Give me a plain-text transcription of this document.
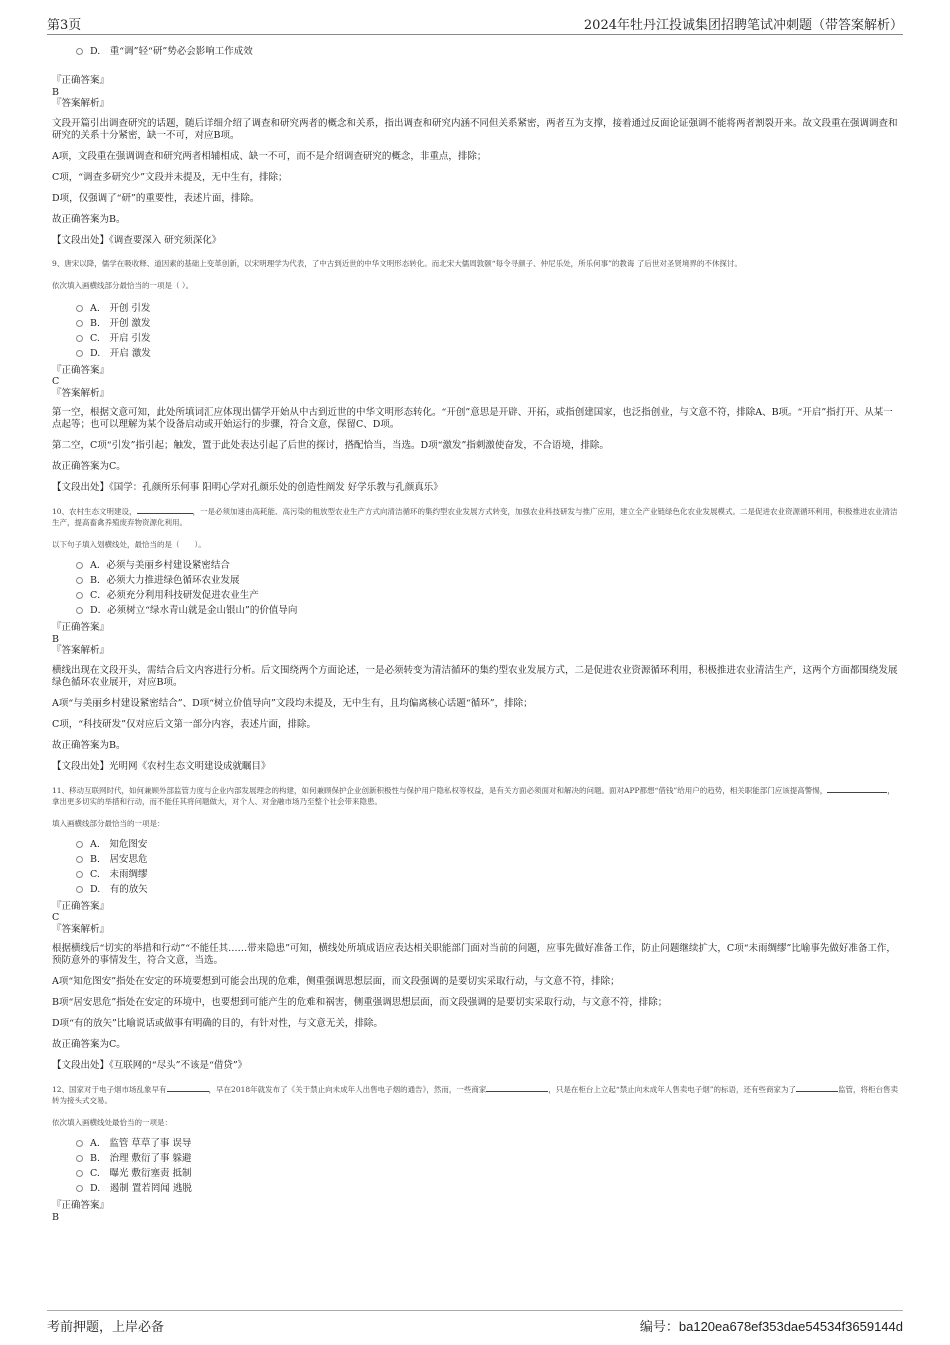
第3页	2024年牡丹江投诚集团招聘笔试冲刺题（带答案解析）
D.　重“调”轻“研”势必会影响工作成效
『正确答案』
B
『答案解析』
文段开篇引出调查研究的话题，随后详细介绍了调查和研究两者的概念和关系，指出调查和研究内涵不同但关系紧密，两者互为支撑，接着通过反面论证强调不能将两者割裂开来。故文段重在强调调查和研究的关系十分紧密，缺一不可，对应B项。
A项，文段重在强调调查和研究两者相辅相成、缺一不可，而不是介绍调查研究的概念，非重点，排除；
C项，“调查多研究少”文段并未提及，无中生有，排除；
D项，仅强调了“研”的重要性，表述片面，排除。
故正确答案为B。
【文段出处】《调查要深入 研究须深化》
9、唐宋以降，儒学在吸收释、道因素的基础上变革创新，以宋明理学为代表，了中古到近世的中华文明形态转化。而北宋大儒周敦颐“每令寻颜子、仲尼乐处，所乐何事”的教诲 了后世对圣贤境界的不休探讨。
依次填入画横线部分最恰当的一项是（ ）。
A.　开创 引发
B.　开创 激发
C.　开启 引发
D.　开启 激发
『正确答案』
C
『答案解析』
第一空，根据文意可知，此处所填词汇应体现出儒学开始从中古到近世的中华文明形态转化。“开创”意思是开辟、开拓，或指创建国家，也泛指创业，与文意不符，排除A、B项。“开启”指打开、从某一点起等；也可以理解为某个设备启动或开始运行的步骤，符合文意，保留C、D项。
第二空，C项“引发”指引起；触发，置于此处表达引起了后世的探讨，搭配恰当，当选。D项“激发”指刺激使奋发，不合语境，排除。
故正确答案为C。
【文段出处】《国学：孔颜所乐何事 阳明心学对孔颜乐处的创造性阐发 好学乐教与孔颜真乐》
10、农村生态文明建设，	，一是必须加速由高耗能、高污染的粗放型农业生产方式向清洁循环的集约型农业发展方式转变，加强农业科技研发与推广应用，建立全产业链绿色化农业发展模式。二是促进农业资源循环利用，积极推进农业清洁生产，提高畜禽养殖废弃物资源化利用。
以下句子填入划横线处，最恰当的是（　　）。
A．必须与美丽乡村建设紧密结合
B．必须大力推进绿色循环农业发展
C．必须充分利用科技研发促进农业生产
D．必须树立“绿水青山就是金山银山”的价值导向
『正确答案』
B
『答案解析』
横线出现在文段开头，需结合后文内容进行分析。后文围绕两个方面论述，一是必须转变为清洁循环的集约型农业发展方式，二是促进农业资源循环利用，积极推进农业清洁生产，这两个方面都围绕发展绿色循环农业展开，对应B项。
A项“与美丽乡村建设紧密结合”、D项“树立价值导向”文段均未提及，无中生有，且均偏离核心话题“循环”，排除；
C项，“科技研发”仅对应后文第一部分内容，表述片面，排除。
故正确答案为B。
【文段出处】光明网《农村生态文明建设成就瞩目》
11、移动互联网时代，如何兼顾外部监管力度与企业内部发展理念的构建，如何兼顾保护企业创新积极性与保护用户隐私权等权益，是有关方面必须面对和解决的问题。面对APP都想“借钱”给用户的趋势，相关职能部门应该提高警惕，	，拿出更多切实的举措和行动，而不能任其将问题做大，对个人、对金融市场乃至整个社会带来隐患。
填入画横线部分最恰当的一项是：
A.　知危图安
B.　居安思危
C.　未雨绸缪
D.　有的放矢
『正确答案』
C
『答案解析』
根据横线后“切实的举措和行动”“不能任其……带来隐患”可知，横线处所填成语应表达相关职能部门面对当前的问题，应事先做好准备工作，防止问题继续扩大，C项“未雨绸缪”比喻事先做好准备工作，预防意外的事情发生，符合文意，当选。
A项“知危图安”指处在安定的环境要想到可能会出现的危难，侧重强调思想层面，而文段强调的是要切实采取行动，与文意不符，排除；
B项“居安思危”指处在安定的环境中，也要想到可能产生的危难和祸害，侧重强调思想层面，而文段强调的是要切实采取行动，与文意不符，排除；
D项“有的放矢”比喻说话或做事有明确的目的，有针对性，与文意无关，排除。
故正确答案为C。
【文段出处】《互联网的“尽头”不该是“借贷”》
12、国家对于电子烟市场乱象早有	，早在2018年就发布了《关于禁止向未成年人出售电子烟的通告》，然而，一些商家	，只是在柜台上立起“禁止向未成年人售卖电子烟”的标语，还有些商家为了	监管，将柜台售卖转为接头式交易。
依次填入画横线处最恰当的一项是：
A.　监管 草草了事 误导
B.　治理 敷衍了事 躲避
C.　曝光 敷衍塞责 抵制
D.　遏制 置若罔闻 逃脱
『正确答案』
B
考前押题，上岸必备	编号：ba120ea678ef353dae54534f3659144d
